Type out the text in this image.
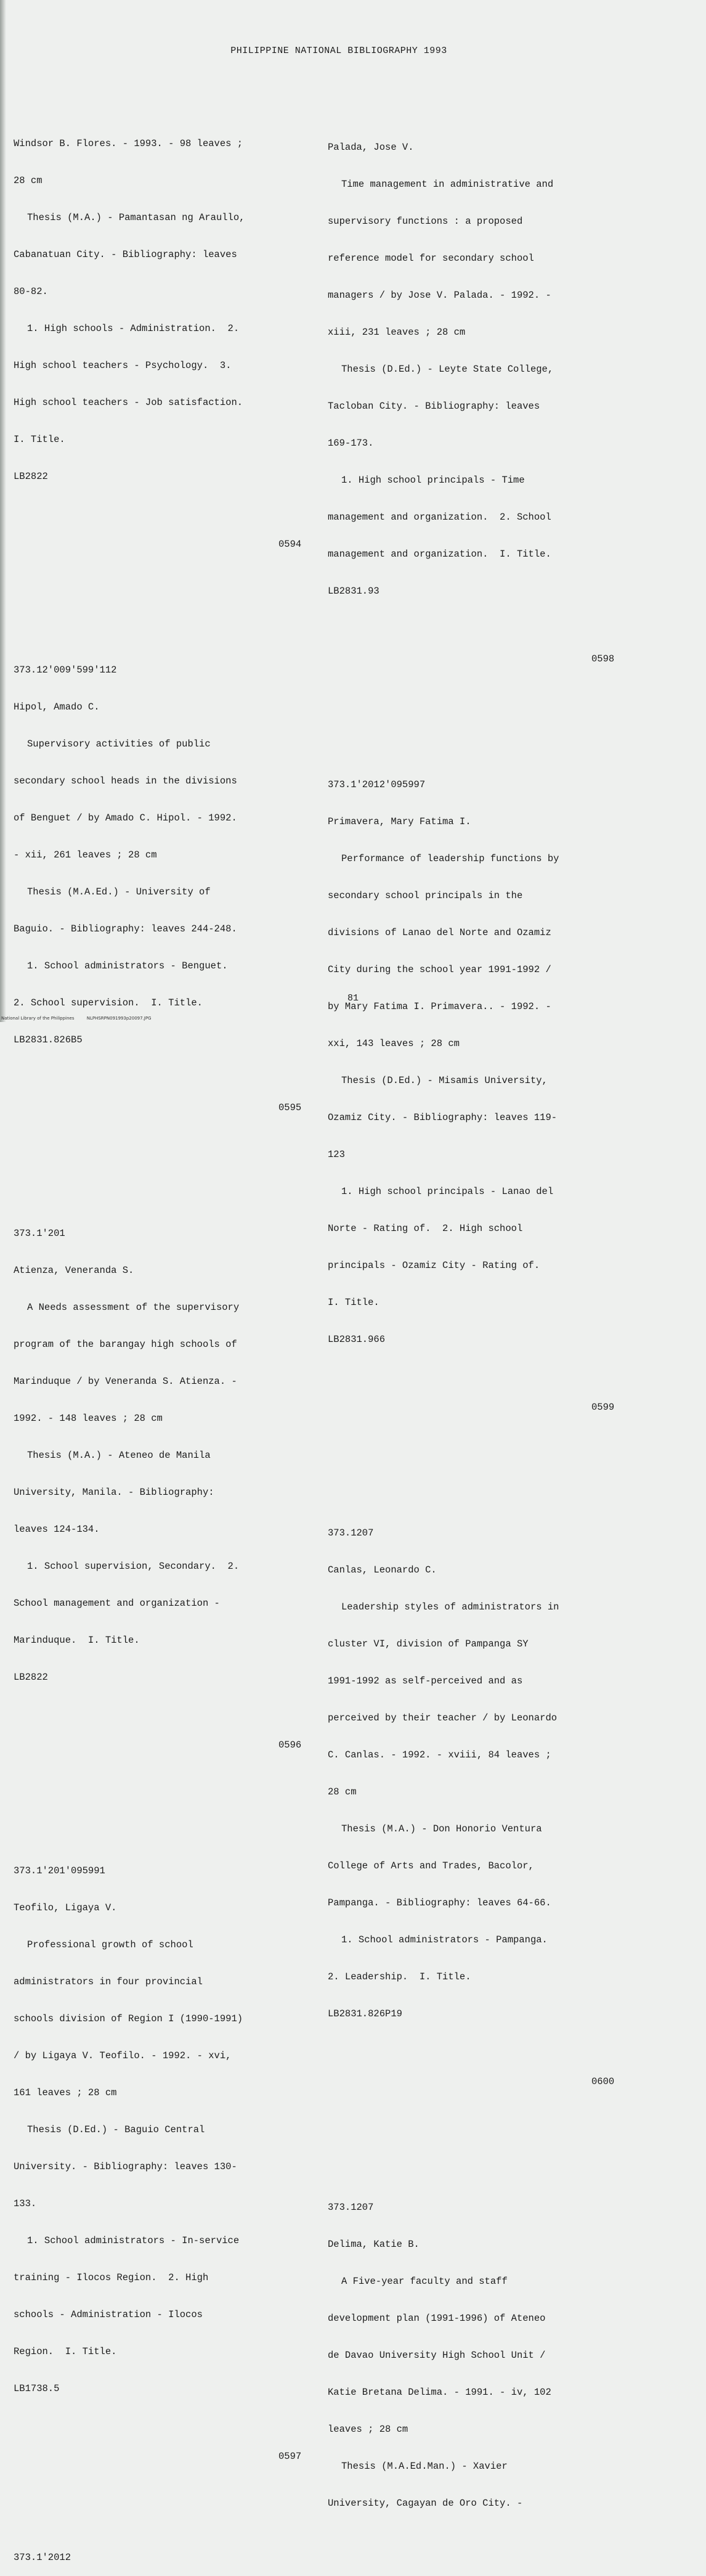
PHILIPPINE NATIONAL BIBLIOGRAPHY 1993

Windsor B. Flores. - 1993. - 98 leaves ;

28 cm

Thesis (M.A.) - Pamantasan ng Araullo,

Cabanatuan City. - Bibliography: leaves

80-82.

1. High schools - Administration.  2.

High school teachers - Psychology.  3.

High school teachers - Job satisfaction.

I. Title.

LB2822

0594

373.12'009'599'112

Hipol, Amado C.

Supervisory activities of public

secondary school heads in the divisions

of Benguet / by Amado C. Hipol. - 1992.

- xii, 261 leaves ; 28 cm

Thesis (M.A.Ed.) - University of

Baguio. - Bibliography: leaves 244-248.

1. School administrators - Benguet.

2. School supervision.  I. Title.

LB2831.826B5

0595

373.1'201

Atienza, Veneranda S.

A Needs assessment of the supervisory

program of the barangay high schools of

Marinduque / by Veneranda S. Atienza. -

1992. - 148 leaves ; 28 cm

Thesis (M.A.) - Ateneo de Manila

University, Manila. - Bibliography:

leaves 124-134.

1. School supervision, Secondary.  2.

School management and organization -

Marinduque.  I. Title.

LB2822

0596

373.1'201'095991

Teofilo, Ligaya V.

Professional growth of school

administrators in four provincial

schools division of Region I (1990-1991)

/ by Ligaya V. Teofilo. - 1992. - xvi,

161 leaves ; 28 cm

Thesis (D.Ed.) - Baguio Central

University. - Bibliography: leaves 130-

133.

1. School administrators - In-service

training - Ilocos Region.  2. High

schools - Administration - Ilocos

Region.  I. Title.

LB1738.5

0597

373.1'2012

Palada, Jose V.

Time management in administrative and

supervisory functions : a proposed

reference model for secondary school

managers / by Jose V. Palada. - 1992. -

xiii, 231 leaves ; 28 cm

Thesis (D.Ed.) - Leyte State College,

Tacloban City. - Bibliography: leaves

169-173.

1. High school principals - Time

management and organization.  2. School

management and organization.  I. Title.

LB2831.93

0598

373.1'2012'095997

Primavera, Mary Fatima I.

Performance of leadership functions by

secondary school principals in the

divisions of Lanao del Norte and Ozamiz

City during the school year 1991-1992 /

by Mary Fatima I. Primavera.. - 1992. -

xxi, 143 leaves ; 28 cm

Thesis (D.Ed.) - Misamis University,

Ozamiz City. - Bibliography: leaves 119-

123

1. High school principals - Lanao del

Norte - Rating of.  2. High school

principals - Ozamiz City - Rating of.

I. Title.

LB2831.966

0599

373.1207

Canlas, Leonardo C.

Leadership styles of administrators in

cluster VI, division of Pampanga SY

1991-1992 as self-perceived and as

perceived by their teacher / by Leonardo

C. Canlas. - 1992. - xviii, 84 leaves ;

28 cm

Thesis (M.A.) - Don Honorio Ventura

College of Arts and Trades, Bacolor,

Pampanga. - Bibliography: leaves 64-66.

1. School administrators - Pampanga.

2. Leadership.  I. Title.

LB2831.826P19

0600

373.1207

Delima, Katie B.

A Five-year faculty and staff

development plan (1991-1996) of Ateneo

de Davao University High School Unit /

Katie Bretana Delima. - 1991. - iv, 102

leaves ; 28 cm

Thesis (M.A.Ed.Man.) - Xavier

University, Cagayan de Oro City. -

81
National Library of the Philippines	NLPHSRPN091993p20097.JPG
